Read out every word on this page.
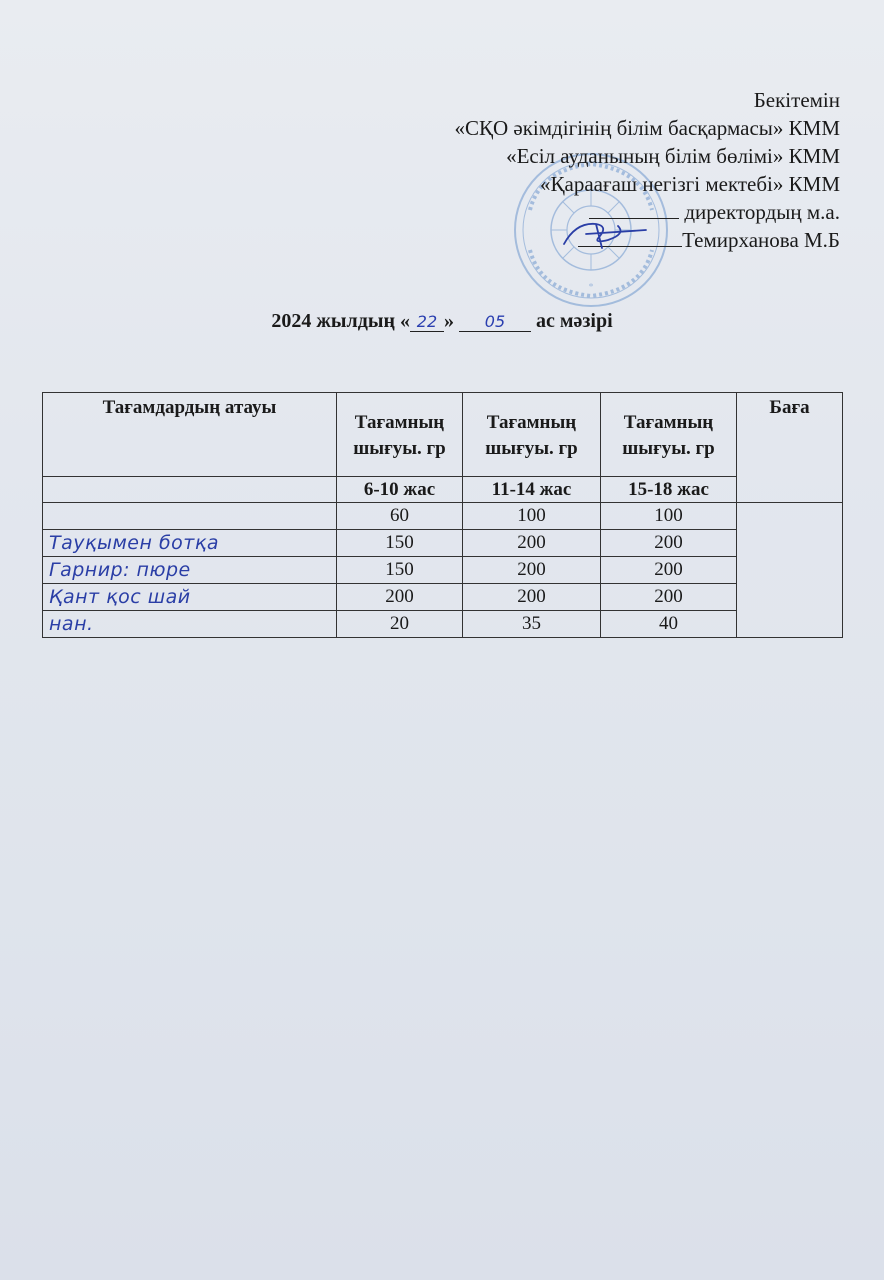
*
Бекітемін
«СҚО әкімдігінің білім басқармасы» КММ
«Есіл ауданының білім бөлімі» КММ
«Қараағаш негізгі мектебі» КММ
директордың м.а.
Темирханова М.Б
2024 жылдың « 22 » 05 ас мәзірі
Тағамдардың атауы	Тағамның шығуы. гр	Тағамның шығуы. гр	Тағамның шығуы. гр	Баға
	6-10 жас	11-14 жас	15-18 жас	
	60	100	100	
Тауқымен ботқа	150	200	200	
Гарнир: пюре	150	200	200	
Қант қос шай	200	200	200	
нан.	20	35	40	
